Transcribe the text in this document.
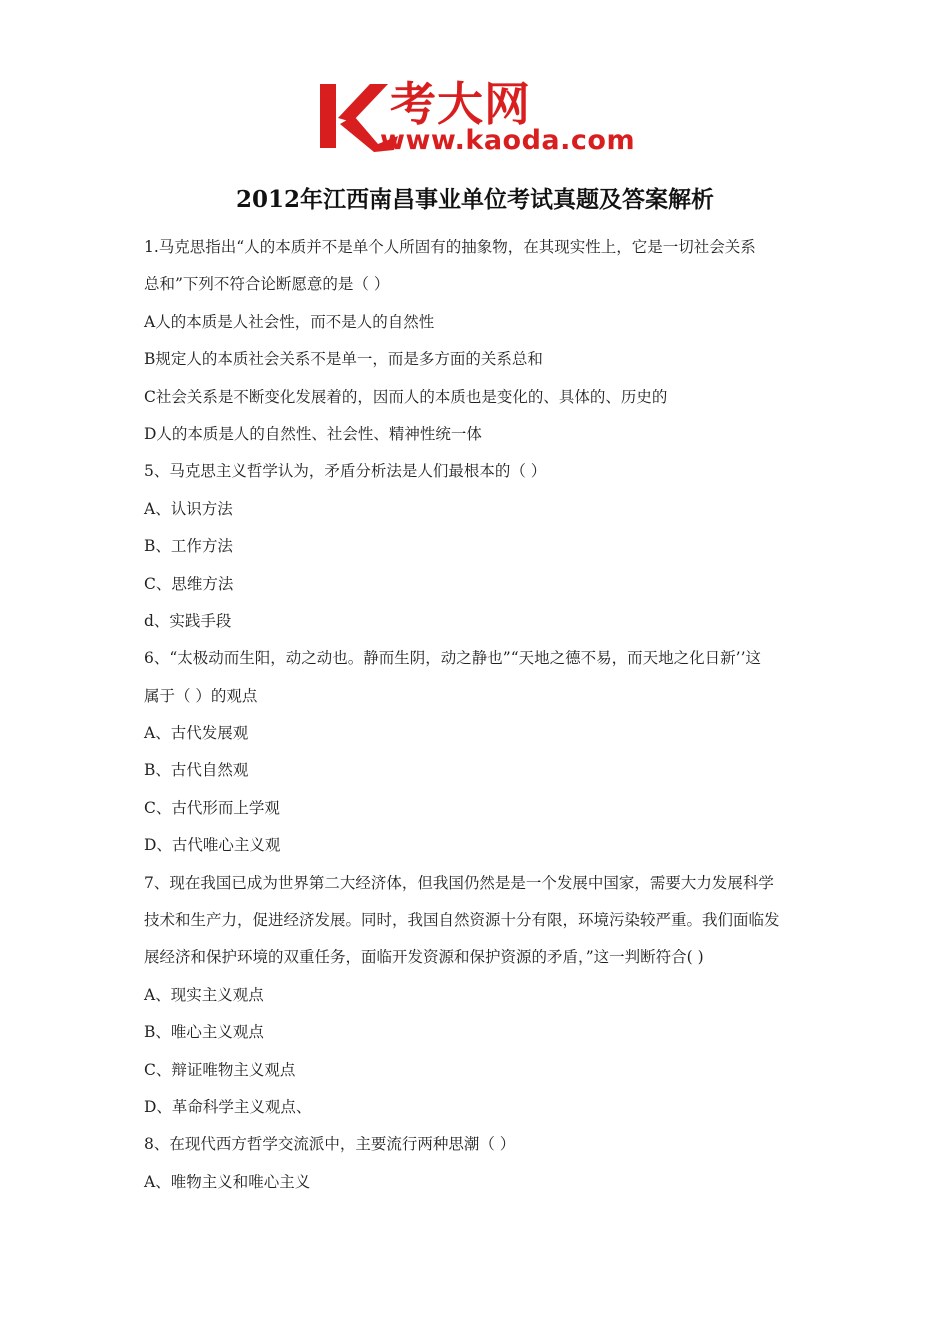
考大网
www.kaoda.com
2012年江西南昌事业单位考试真题及答案解析
1.马克思指出“人的本质并不是单个人所固有的抽象物，在其现实性上，它是一切社会关系
总和”下列不符合论断愿意的是（ ）
A人的本质是人社会性，而不是人的自然性
B规定人的本质社会关系不是单一，而是多方面的关系总和
C社会关系是不断变化发展着的，因而人的本质也是变化的、具体的、历史的
D人的本质是人的自然性、社会性、精神性统一体
5、马克思主义哲学认为，矛盾分析法是人们最根本的（ ）
A、认识方法
B、工作方法
C、思维方法
d、实践手段
6、“太极动而生阳，动之动也。静而生阴，动之静也”“天地之德不易，而天地之化日新’’这
属于（ ）的观点
A、古代发展观
B、古代自然观
C、古代形而上学观
D、古代唯心主义观
7、现在我国已成为世界第二大经济体，但我国仍然是是一个发展中国家，需要大力发展科学
技术和生产力，促进经济发展。同时，我国自然资源十分有限，环境污染较严重。我们面临发
展经济和保护环境的双重任务，面临开发资源和保护资源的矛盾，”这一判断符合( )
A、现实主义观点
B、唯心主义观点
C、辩证唯物主义观点
D、革命科学主义观点、
8、在现代西方哲学交流派中，主要流行两种思潮（ ）
A、唯物主义和唯心主义
